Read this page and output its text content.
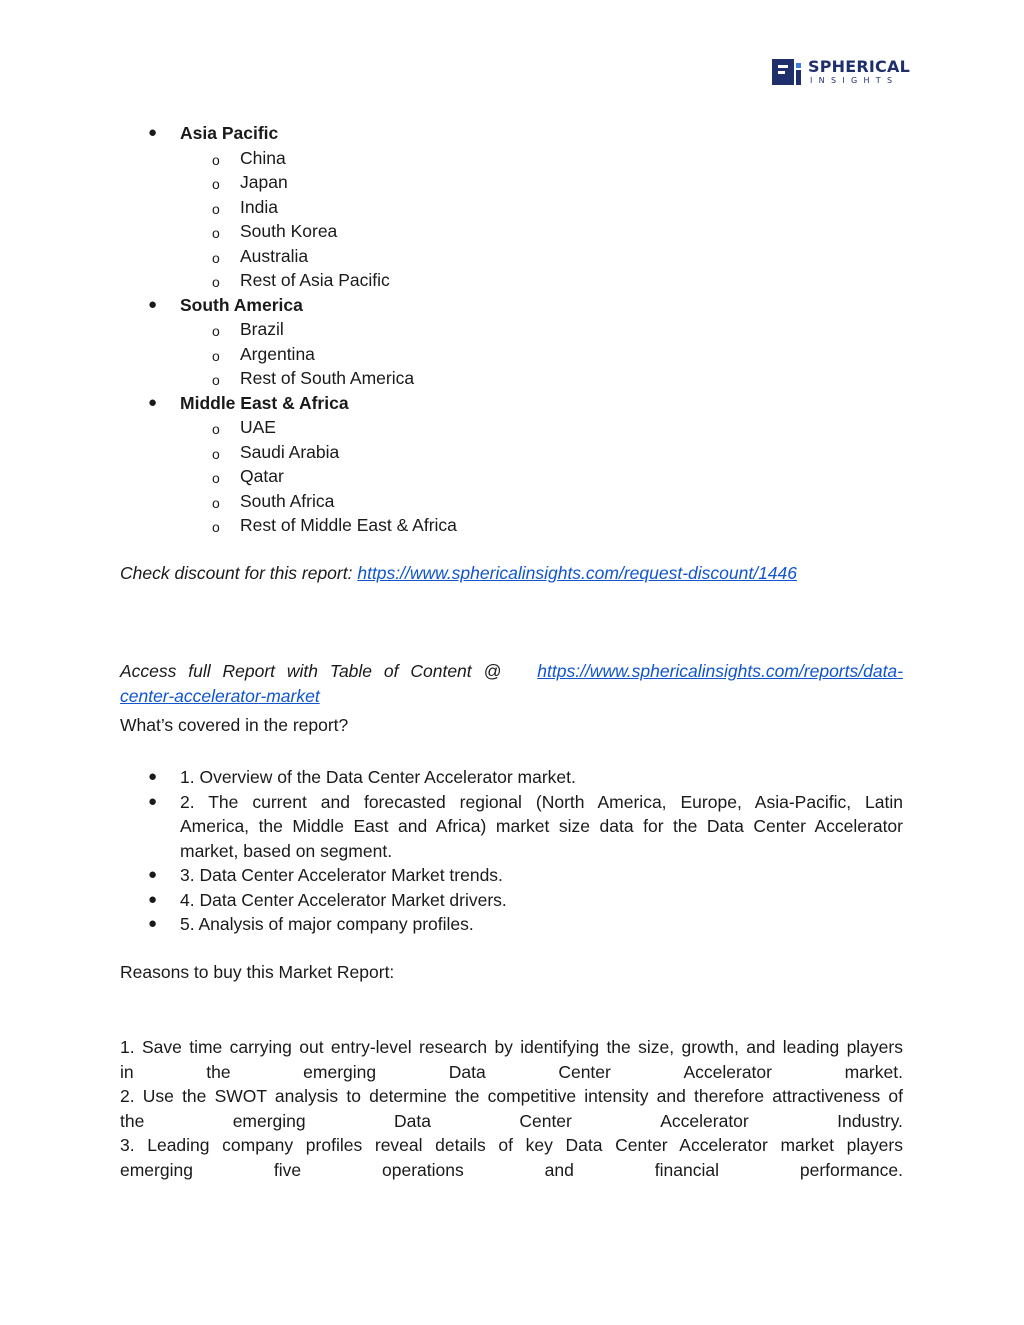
SPHERICAL
INSIGHTS
● Asia Pacific
o China
o Japan
o India
o South Korea
o Australia
o Rest of Asia Pacific
● South America
o Brazil
o Argentina
o Rest of South America
● Middle East & Africa
o UAE
o Saudi Arabia
o Qatar
o South Africa
o Rest of Middle East & Africa
Check discount for this report: https://www.sphericalinsights.com/request-discount/1446
Access full Report with Table of Content @ https://www.sphericalinsights.com/reports/data-
center-accelerator-market
What’s covered in the report?
● 1. Overview of the Data Center Accelerator market.
● 2. The current and forecasted regional (North America, Europe, Asia-Pacific, Latin
America, the Middle East and Africa) market size data for the Data Center Accelerator
market, based on segment.
● 3. Data Center Accelerator Market trends.
● 4. Data Center Accelerator Market drivers.
● 5. Analysis of major company profiles.
Reasons to buy this Market Report:
1. Save time carrying out entry-level research by identifying the size, growth, and leading players
in	the	emerging	Data	Center	Accelerator	market.
2. Use the SWOT analysis to determine the competitive intensity and therefore attractiveness of
the	emerging	Data	Center	Accelerator	Industry.
3. Leading company profiles reveal details of key Data Center Accelerator market players
emerging	five	operations	and	financial	performance.
